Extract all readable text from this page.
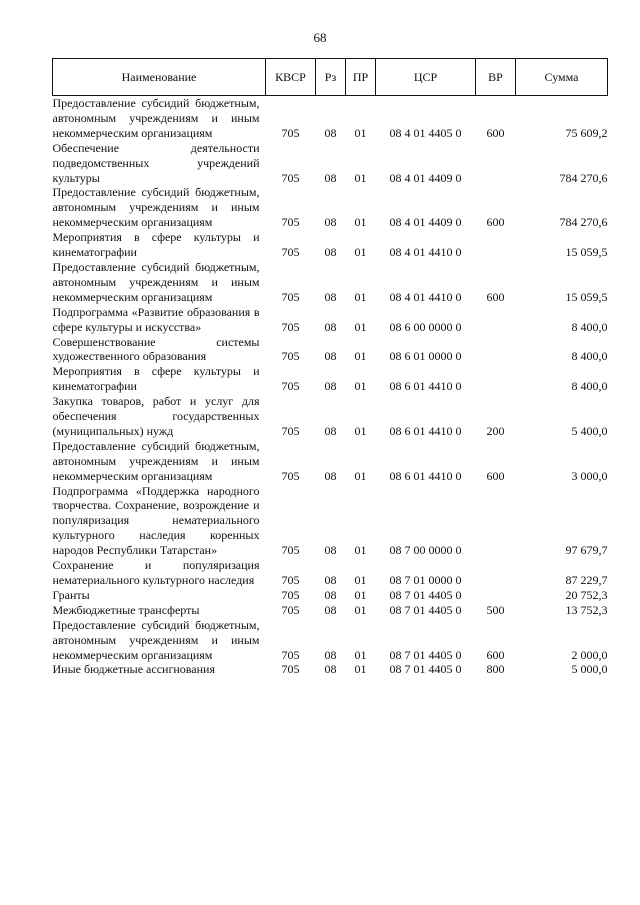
68
Наименование	КВСР	Рз	ПР	ЦСР	ВР	Сумма
Предоставление субсидий бюджетным, автономным учреждениям и иным некоммерческим организациям	705	08	01	08 4 01 4405 0	600	75 609,2
Обеспечение деятельности подведомственных учреждений культуры	705	08	01	08 4 01 4409 0		784 270,6
Предоставление субсидий бюджетным, автономным учреждениям и иным некоммерческим организациям	705	08	01	08 4 01 4409 0	600	784 270,6
Мероприятия в сфере культуры и кинематографии	705	08	01	08 4 01 4410 0		15 059,5
Предоставление субсидий бюджетным, автономным учреждениям и иным некоммерческим организациям	705	08	01	08 4 01 4410 0	600	15 059,5
Подпрограмма «Развитие образования в сфере культуры и искусства»	705	08	01	08 6 00 0000 0		8 400,0
Совершенствование системы художественного образования	705	08	01	08 6 01 0000 0		8 400,0
Мероприятия в сфере культуры и кинематографии	705	08	01	08 6 01 4410 0		8 400,0
Закупка товаров, работ и услуг для обеспечения государственных (муниципальных) нужд	705	08	01	08 6 01 4410 0	200	5 400,0
Предоставление субсидий бюджетным, автономным учреждениям и иным некоммерческим организациям	705	08	01	08 6 01 4410 0	600	3 000,0
Подпрограмма «Поддержка народного творчества. Сохранение, возрождение и популяризация нематериального культурного наследия коренных народов Республики Татарстан»	705	08	01	08 7 00 0000 0		97 679,7
Сохранение и популяризация нематериального культурного наследия	705	08	01	08 7 01 0000 0		87 229,7
Гранты	705	08	01	08 7 01 4405 0		20 752,3
Межбюджетные трансферты	705	08	01	08 7 01 4405 0	500	13 752,3
Предоставление субсидий бюджетным, автономным учреждениям и иным некоммерческим организациям	705	08	01	08 7 01 4405 0	600	2 000,0
Иные бюджетные ассигнования	705	08	01	08 7 01 4405 0	800	5 000,0
